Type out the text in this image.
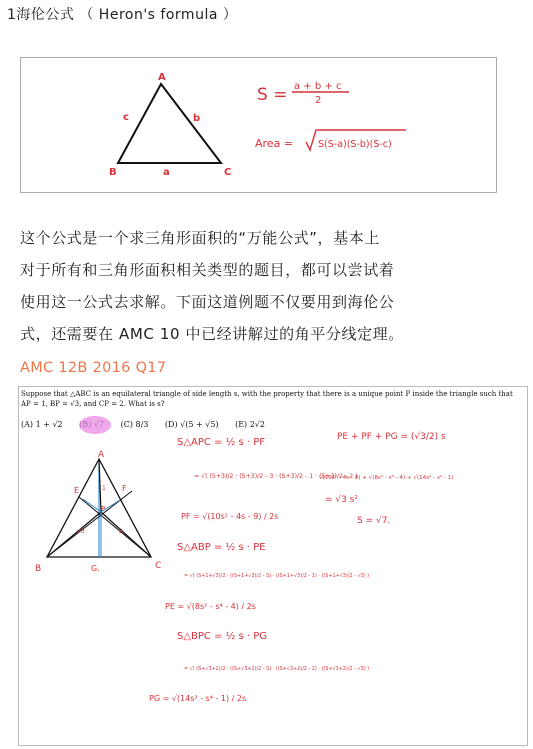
1海伦公式 （ Heron's formula ）
A
B	C
a
b
c
S = a + b + c
2
Area =	S(S-a)(S-b)(S-c)

这个公式是一个求三角形面积的“万能公式”，基本上

对于所有和三角形面积相关类型的题目，都可以尝试着

使用这一公式去求解。下面这道例题不仅要用到海伦公

式，还需要在 AMC 10 中已经讲解过的角平分线定理。

AMC 12B 2016 Q17
Suppose that △ABC is an equilateral triangle of side length s, with the property that there is a unique point P inside the triangle such that
AP = 1, BP = √3, and CP = 2. What is s?
(A) 1 + √2	(C) 8/3 (D) √(5 + √5) (E) 2√2
A
B	C
E	F
P
G.
1
2
√3
S△APC = ½ s · PF
= √( (S+3)/2 · (S+3)/2 - 3 · (S+3)/2 - 1 · (S+3)/2 - 2 )
PF = √(10s² - 4s - 9) / 2s
S△ABP = ½ s · PE
= √( (S+1+√3)/2 · ((S+1+√3)/2 - S) · ((S+1+√3)/2 - 1) · ((S+1+√3)/2 - √3) )
PE = √(8s² - s⁴ - 4) / 2s
S△BPC = ½ s · PG
= √( (S+√3+2)/2 · ((S+√3+2)/2 - S) · ((S+√3+2)/2 - 2) · ((S+√3+2)/2 - √3) )
PG = √(14s² - s⁴ - 1) / 2s
PE + PF + PG = (√3/2) s
√(10s² - 4s - 9) + √(8s² - s⁴ - 4) + √(14s² - s⁴ - 1)
= √3 s²
S = √7.
